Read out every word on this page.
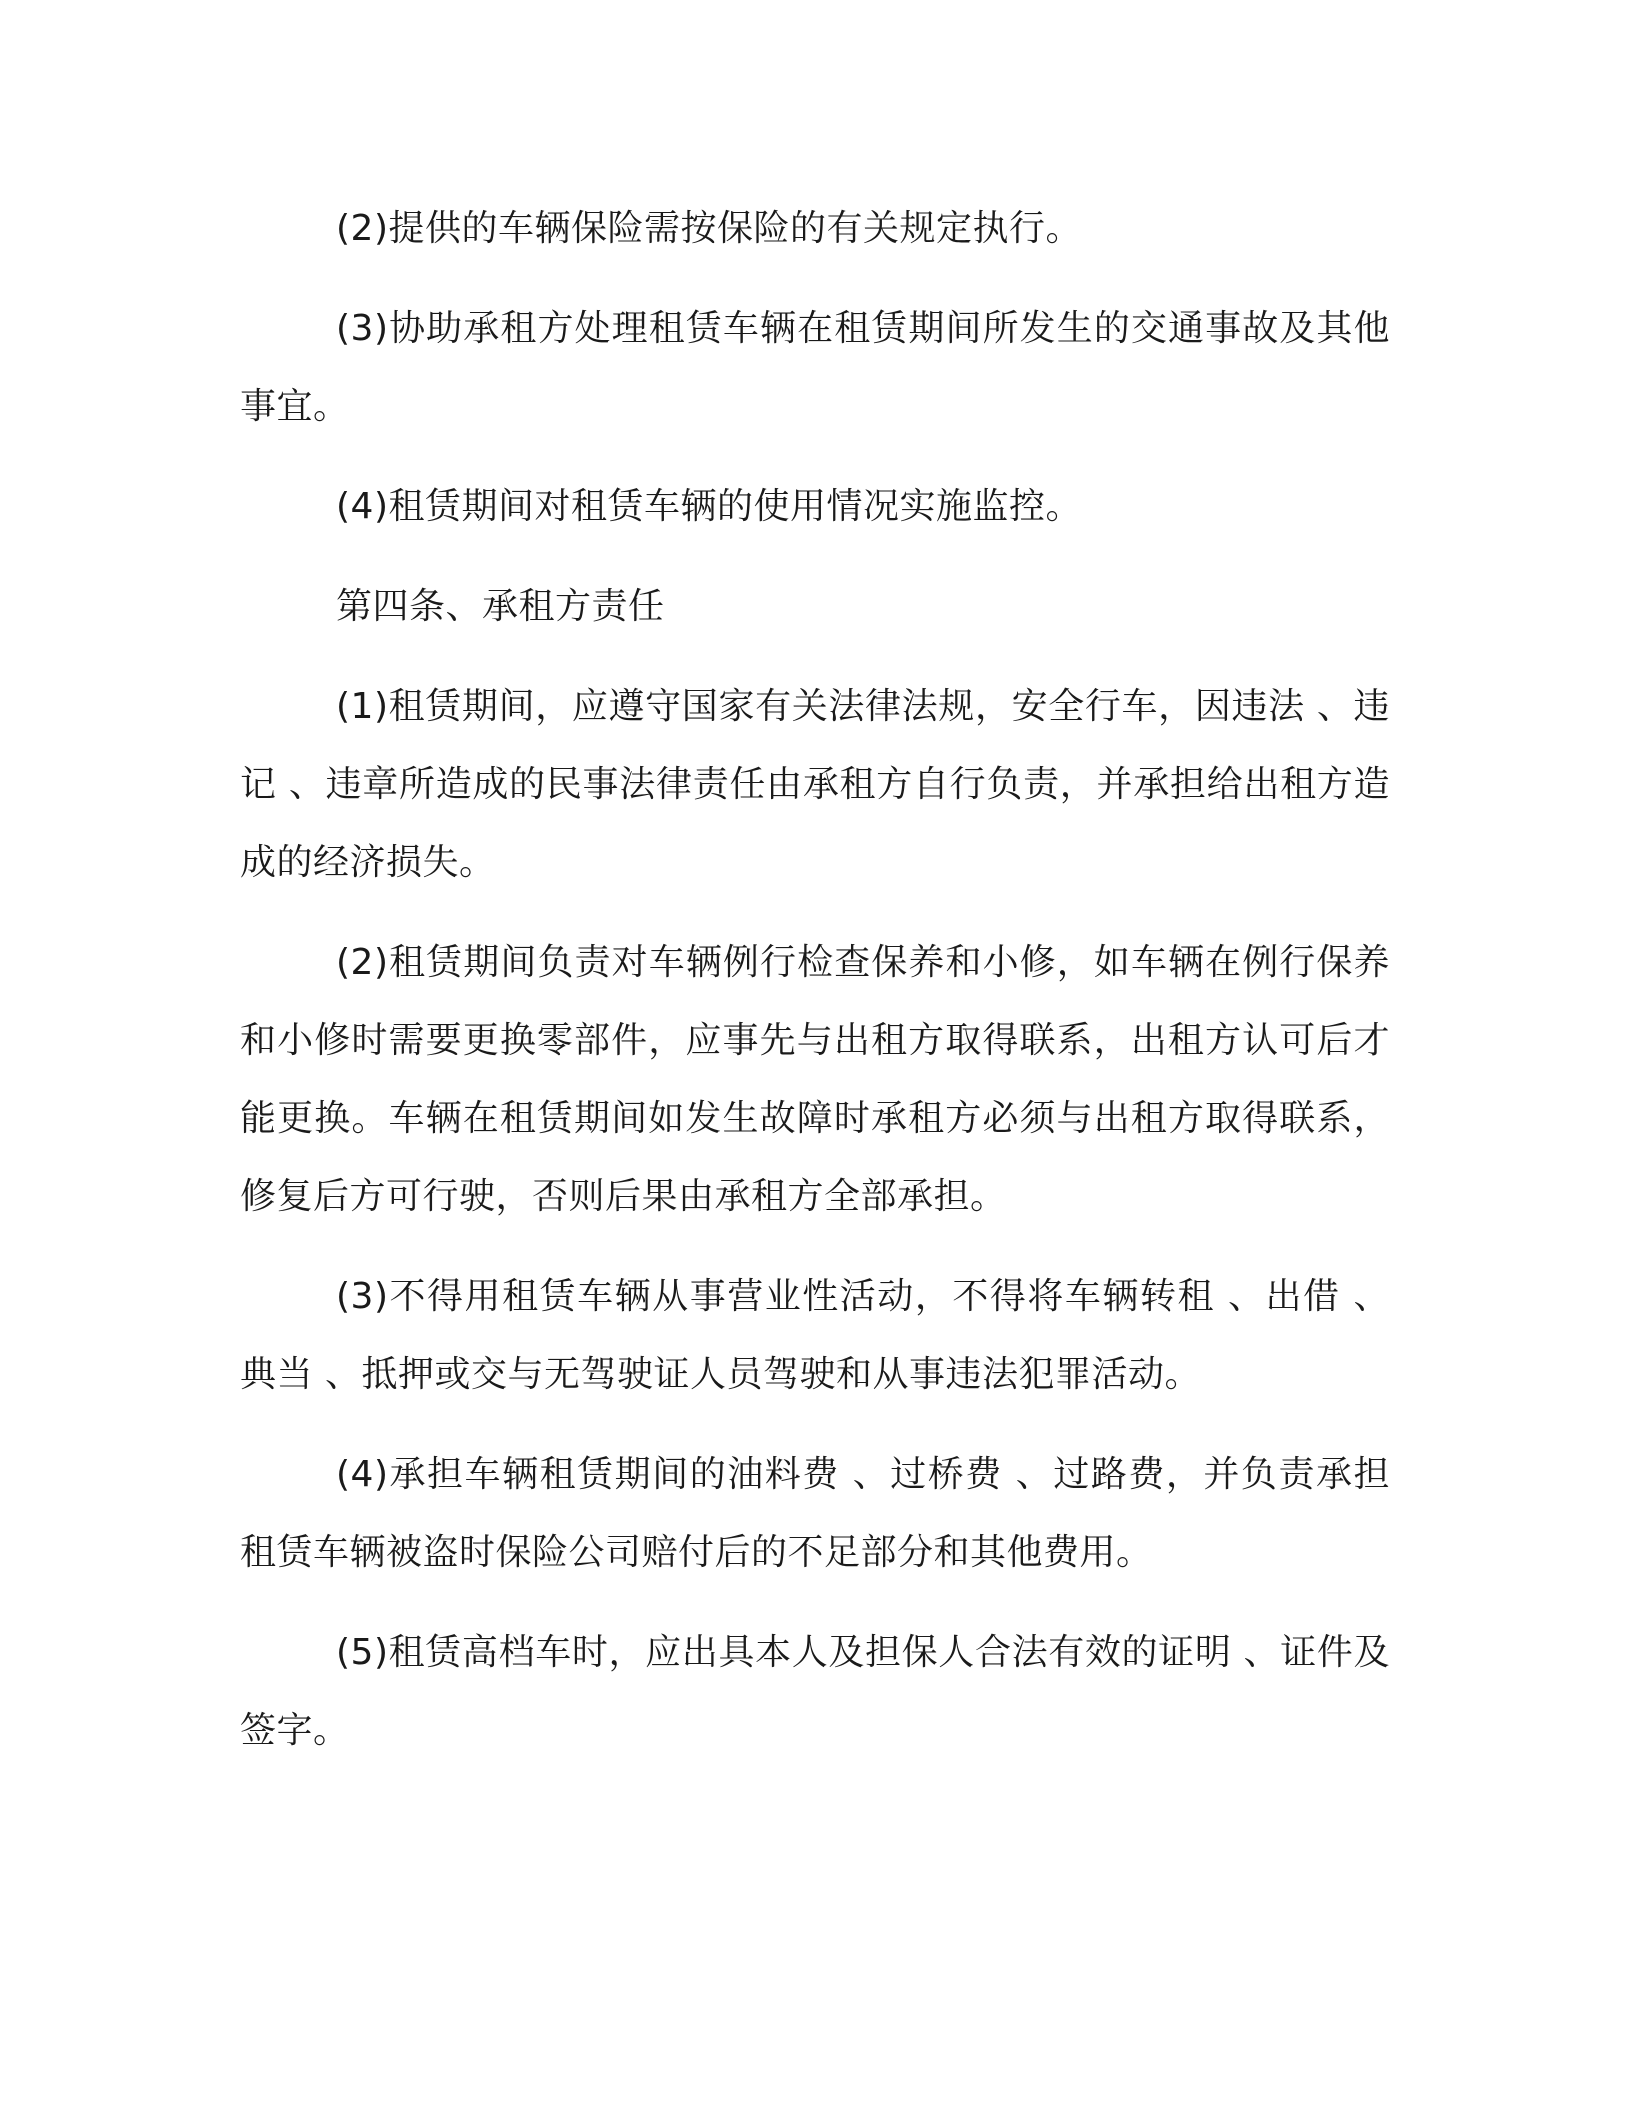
(2)提供的车辆保险需按保险的有关规定执行。

(3)协助承租方处理租赁车辆在租赁期间所发生的交通事故及其他事宜。

(4)租赁期间对租赁车辆的使用情况实施监控。

第四条、承租方责任

(1)租赁期间，应遵守国家有关法律法规，安全行车，因违法 、违记 、违章所造成的民事法律责任由承租方自行负责，并承担给出租方造成的经济损失。

(2)租赁期间负责对车辆例行检查保养和小修，如车辆在例行保养和小修时需要更换零部件，应事先与出租方取得联系，出租方认可后才能更换。车辆在租赁期间如发生故障时承租方必须与出租方取得联系，修复后方可行驶，否则后果由承租方全部承担。

(3)不得用租赁车辆从事营业性活动，不得将车辆转租 、出借 、典当 、抵押或交与无驾驶证人员驾驶和从事违法犯罪活动。

(4)承担车辆租赁期间的油料费 、过桥费 、过路费，并负责承担租赁车辆被盗时保险公司赔付后的不足部分和其他费用。

(5)租赁高档车时，应出具本人及担保人合法有效的证明 、证件及签字。
